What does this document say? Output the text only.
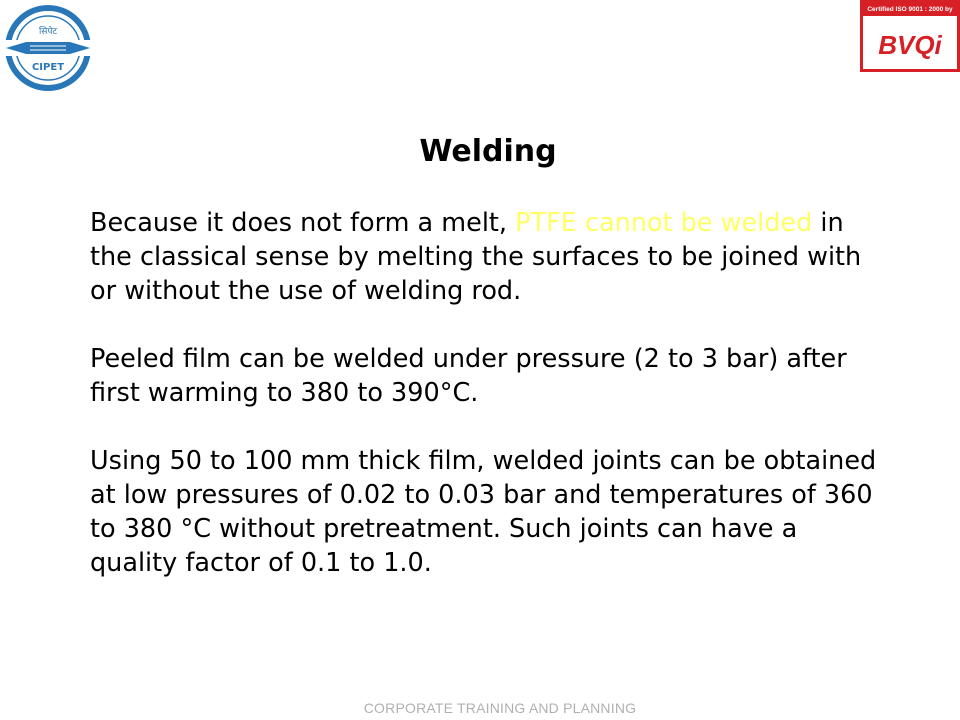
सिपेट
CIPET
Certified ISO 9001 : 2000 by
BVQi
Welding

Because it does not form a melt, PTFE cannot be welded in the classical sense by melting the surfaces to be joined with or without the use of welding rod.

Peeled film can be welded under pressure (2 to 3 bar) after first warming to 380 to 390°C.

Using 50 to 100 mm thick film, welded joints can be obtained at low pressures of 0.02 to 0.03 bar and temperatures of 360 to 380 °C without pretreatment. Such joints can have a quality factor of 0.1 to 1.0.

CORPORATE TRAINING AND PLANNING
